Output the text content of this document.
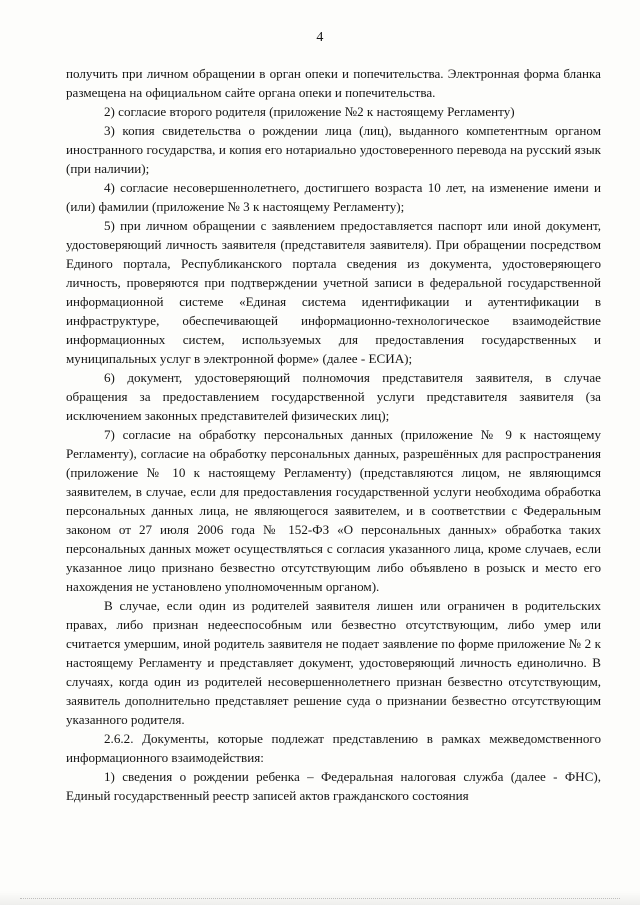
4

получить при личном обращении в орган опеки и попечительства. Электронная форма бланка размещена на официальном сайте органа опеки и попечительства.

2) согласие второго родителя (приложение №2 к настоящему Регламенту)

3) копия свидетельства о рождении лица (лиц), выданного компетентным органом иностранного государства, и копия его нотариально удостоверенного перевода на русский язык (при наличии);

4) согласие несовершеннолетнего, достигшего возраста 10 лет, на изменение имени и (или) фамилии (приложение № 3 к настоящему Регламенту);

5) при личном обращении с заявлением предоставляется паспорт или иной документ, удостоверяющий личность заявителя (представителя заявителя). При обращении посредством Единого портала, Республиканского портала сведения из документа, удостоверяющего личность, проверяются при подтверждении учетной записи в федеральной государственной информационной системе «Единая система идентификации и аутентификации в инфраструктуре, обеспечивающей информационно-технологическое взаимодействие информационных систем, используемых для предоставления государственных и муниципальных услуг в электронной форме» (далее - ЕСИА);

6) документ, удостоверяющий полномочия представителя заявителя, в случае обращения за предоставлением государственной услуги представителя заявителя (за исключением законных представителей физических лиц);

7) согласие на обработку персональных данных (приложение № 9 к настоящему Регламенту), согласие на обработку персональных данных, разрешённых для распространения (приложение № 10 к настоящему Регламенту) (представляются лицом, не являющимся заявителем, в случае, если для предоставления государственной услуги необходима обработка персональных данных лица, не являющегося заявителем, и в соответствии с Федеральным законом от 27 июля 2006 года № 152-ФЗ «О персональных данных» обработка таких персональных данных может осуществляться с согласия указанного лица, кроме случаев, если указанное лицо признано безвестно отсутствующим либо объявлено в розыск и место его нахождения не установлено уполномоченным органом).

В случае, если один из родителей заявителя лишен или ограничен в родительских правах, либо признан недееспособным или безвестно отсутствующим, либо умер или считается умершим, иной родитель заявителя не подает заявление по форме приложение № 2 к настоящему Регламенту и представляет документ, удостоверяющий личность единолично. В случаях, когда один из родителей несовершеннолетнего признан безвестно отсутствующим, заявитель дополнительно представляет решение суда о признании безвестно отсутствующим указанного родителя.

2.6.2. Документы, которые подлежат представлению в рамках межведомственного информационного взаимодействия:

1) сведения о рождении ребенка – Федеральная налоговая служба (далее - ФНС), Единый государственный реестр записей актов гражданского состояния
